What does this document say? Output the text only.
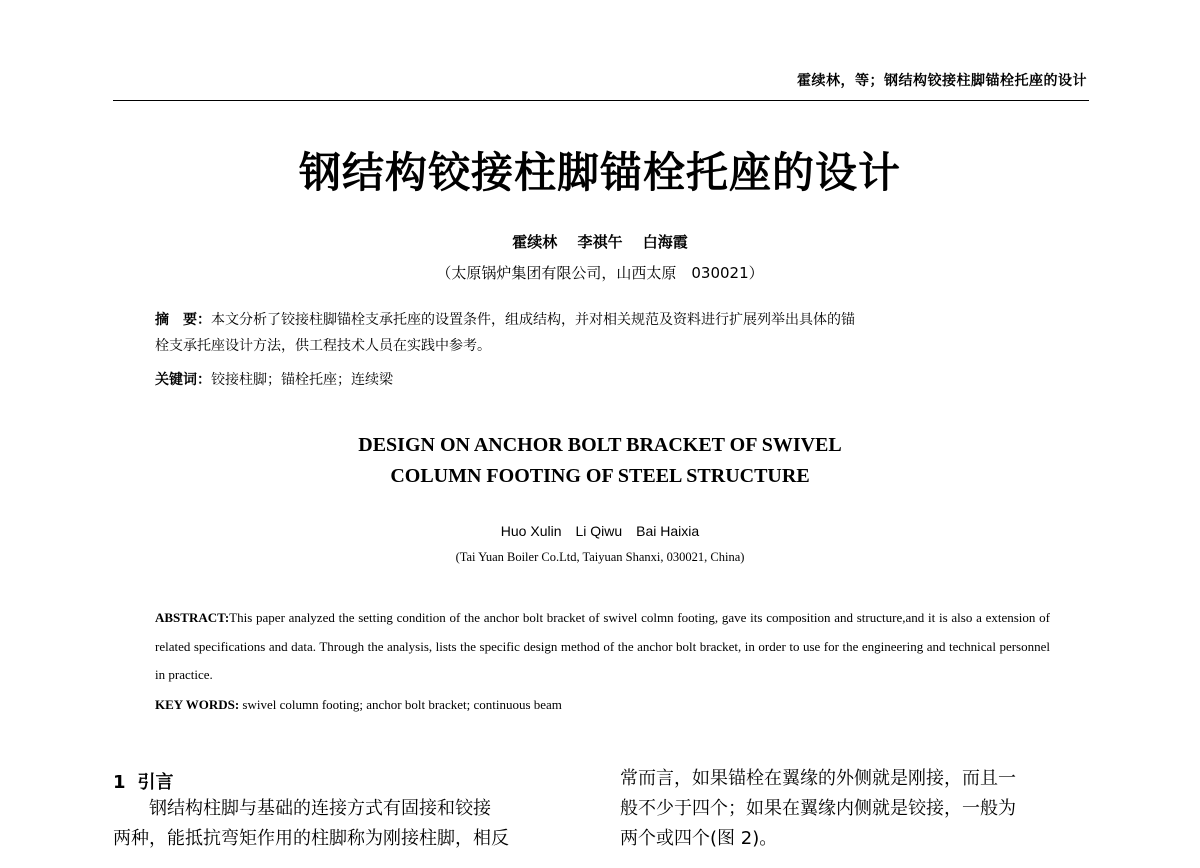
霍续林，等；钢结构铰接柱脚锚栓托座的设计
钢结构铰接柱脚锚栓托座的设计
霍续林　 李祺午　 白海霞
（太原锅炉集团有限公司，山西太原　030021）
摘　要：本文分析了铰接柱脚锚栓支承托座的设置条件，组成结构，并对相关规范及资料进行扩展列举出具体的锚
栓支承托座设计方法，供工程技术人员在实践中参考。
关键词：铰接柱脚；锚栓托座；连续梁
DESIGN ON ANCHOR BOLT BRACKET OF SWIVEL
COLUMN FOOTING OF STEEL STRUCTURE
Huo Xulin　Li Qiwu　Bai Haixia
(Tai Yuan Boiler Co.Ltd, Taiyuan Shanxi, 030021, China)
ABSTRACT:This paper analyzed the setting condition of the anchor bolt bracket of swivel colmn footing, gave its composition and structure,and it is also a extension of related specifications and data. Through the analysis, lists the specific design method of the anchor bolt bracket, in order to use for the engineering and technical personnel in practice.
KEY WORDS: swivel column footing; anchor bolt bracket; continuous beam
1 引言
钢结构柱脚与基础的连接方式有固接和铰接
两种，能抵抗弯矩作用的柱脚称为刚接柱脚，相反
常而言，如果锚栓在翼缘的外侧就是刚接，而且一
般不少于四个；如果在翼缘内侧就是铰接，一般为
两个或四个(图 2)。
